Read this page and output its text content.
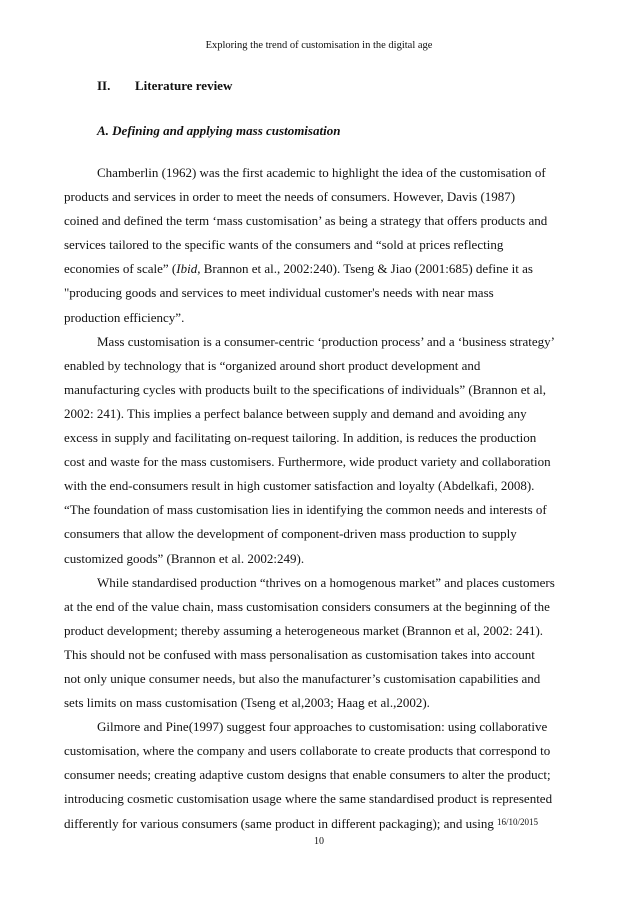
Exploring the trend of customisation in the digital age
II. Literature review
A. Defining and applying mass customisation
Chamberlin (1962) was the first academic to highlight the idea of the customisation of
products and services in order to meet the needs of consumers. However, Davis (1987)
coined and defined the term ‘mass customisation’ as being a strategy that offers products and
services tailored to the specific wants of the consumers and “sold at prices reflecting
economies of scale” (Ibid, Brannon et al., 2002:240). Tseng & Jiao (2001:685) define it as
"producing goods and services to meet individual customer's needs with near mass
production efficiency”.
Mass customisation is a consumer-centric ‘production process’ and a ‘business strategy’
enabled by technology that is “organized around short product development and
manufacturing cycles with products built to the specifications of individuals” (Brannon et al,
2002: 241). This implies a perfect balance between supply and demand and avoiding any
excess in supply and facilitating on-request tailoring. In addition, is reduces the production
cost and waste for the mass customisers. Furthermore, wide product variety and collaboration
with the end-consumers result in high customer satisfaction and loyalty (Abdelkafi, 2008).
“The foundation of mass customisation lies in identifying the common needs and interests of
consumers that allow the development of component-driven mass production to supply
customized goods” (Brannon et al. 2002:249).
While standardised production “thrives on a homogenous market” and places customers
at the end of the value chain, mass customisation considers consumers at the beginning of the
product development; thereby assuming a heterogeneous market (Brannon et al, 2002: 241).
This should not be confused with mass personalisation as customisation takes into account
not only unique consumer needs, but also the manufacturer’s customisation capabilities and
sets limits on mass customisation (Tseng et al,2003; Haag et al.,2002).
Gilmore and Pine(1997) suggest four approaches to customisation: using collaborative
customisation, where the company and users collaborate to create products that correspond to
consumer needs; creating adaptive custom designs that enable consumers to alter the product;
introducing cosmetic customisation usage where the same standardised product is represented
differently for various consumers (same product in different packaging); and using 16/10/2015
10
